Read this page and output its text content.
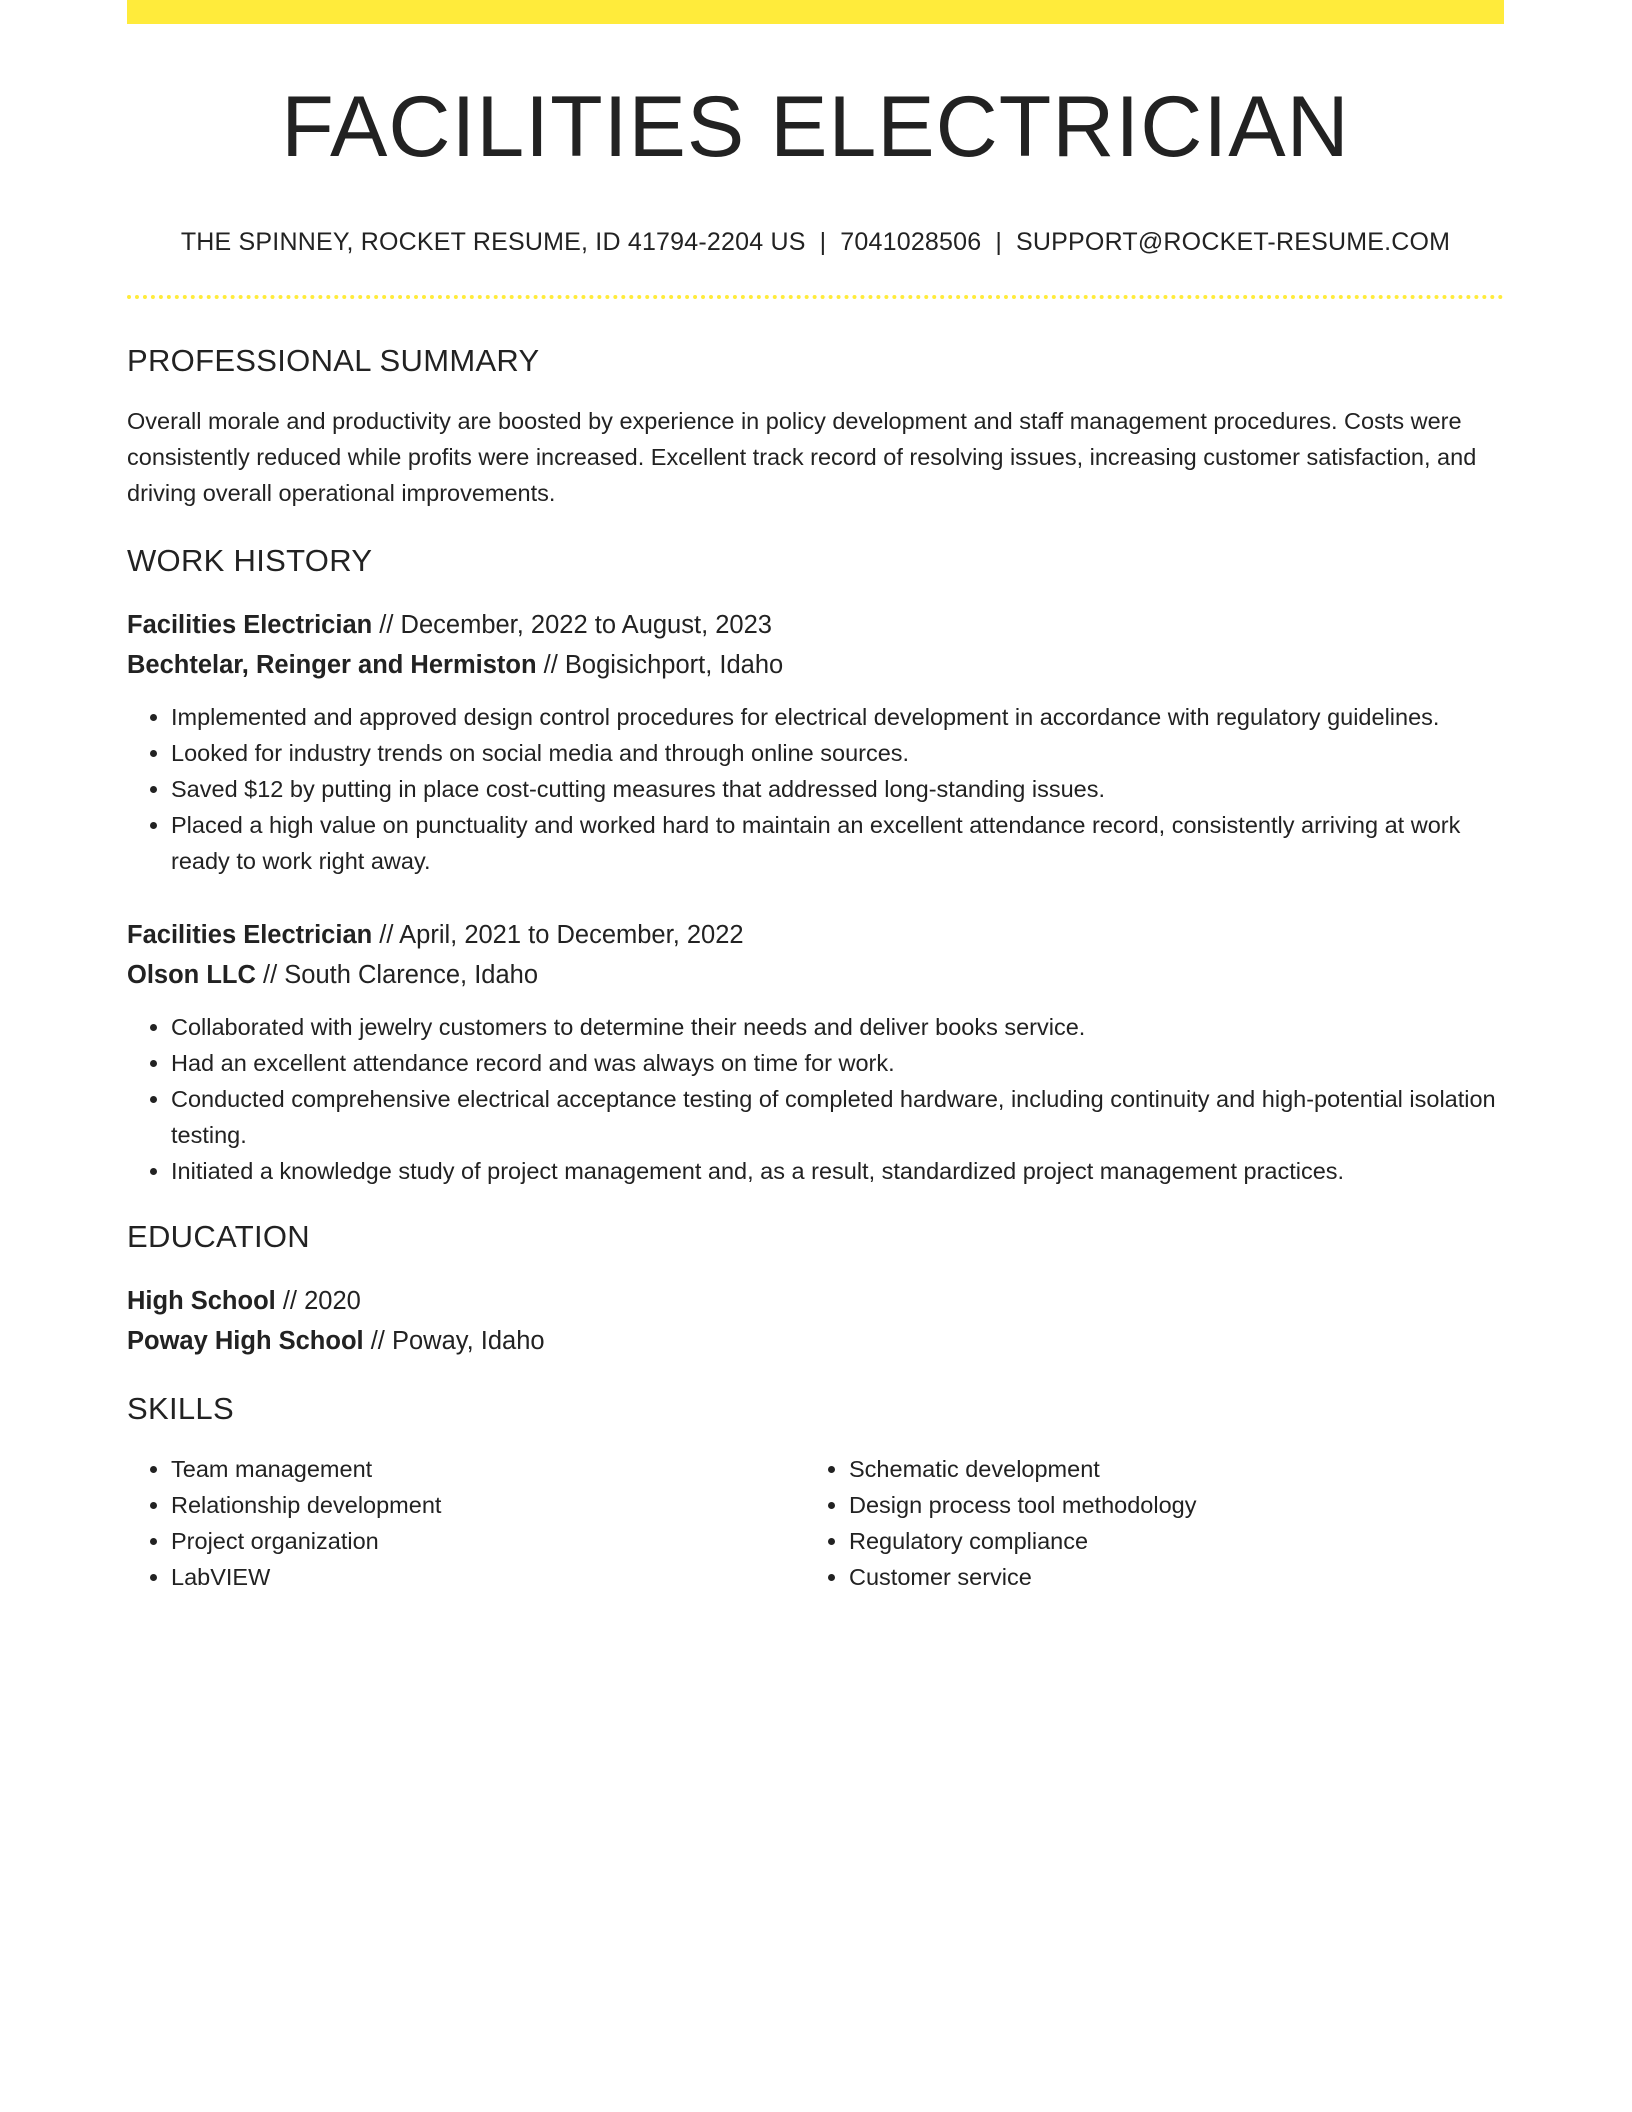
FACILITIES ELECTRICIAN
THE SPINNEY, ROCKET RESUME, ID 41794-2204 US | 7041028506 | SUPPORT@ROCKET-RESUME.COM
PROFESSIONAL SUMMARY

Overall morale and productivity are boosted by experience in policy development and staff management procedures. Costs were consistently reduced while profits were increased. Excellent track record of resolving issues, increasing customer satisfaction, and driving overall operational improvements.

WORK HISTORY
Facilities Electrician // December, 2022 to August, 2023
Bechtelar, Reinger and Hermiston // Bogisichport, Idaho
• Implemented and approved design control procedures for electrical development in accordance with regulatory guidelines.
• Looked for industry trends on social media and through online sources.
• Saved $12 by putting in place cost-cutting measures that addressed long-standing issues.
• Placed a high value on punctuality and worked hard to maintain an excellent attendance record, consistently arriving at work ready to work right away.
Facilities Electrician // April, 2021 to December, 2022
Olson LLC // South Clarence, Idaho
• Collaborated with jewelry customers to determine their needs and deliver books service.
• Had an excellent attendance record and was always on time for work.
• Conducted comprehensive electrical acceptance testing of completed hardware, including continuity and high-potential isolation testing.
• Initiated a knowledge study of project management and, as a result, standardized project management practices.
EDUCATION
High School // 2020
Poway High School // Poway, Idaho
SKILLS
• Team management
• Relationship development
• Project organization
• LabVIEW
• Schematic development
• Design process tool methodology
• Regulatory compliance
• Customer service
